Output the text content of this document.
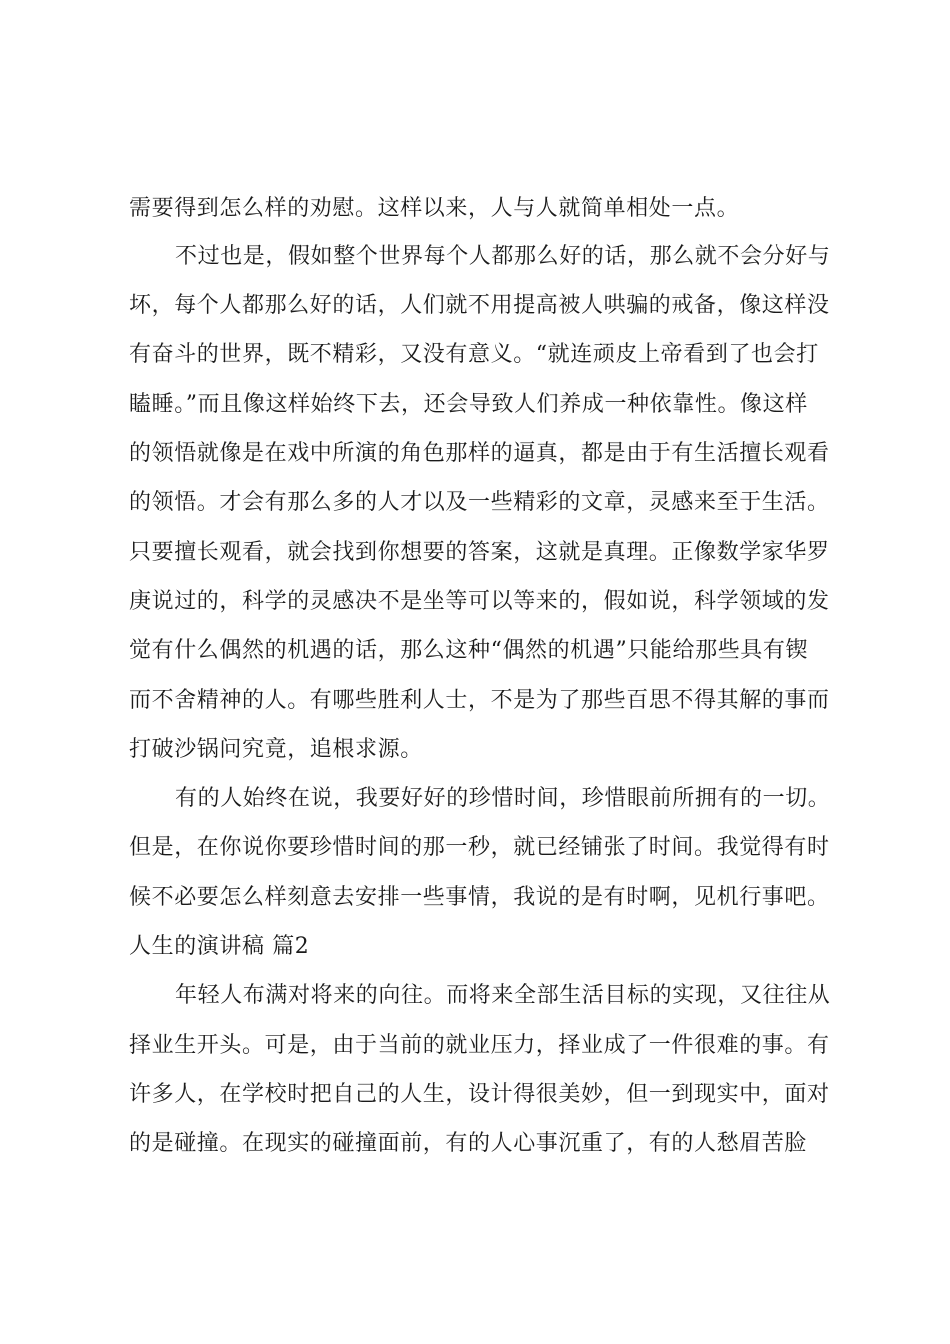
需要得到怎么样的劝慰。这样以来，人与人就简单相处一点。
不过也是，假如整个世界每个人都那么好的话，那么就不会分好与
坏，每个人都那么好的话，人们就不用提高被人哄骗的戒备，像这样没
有奋斗的世界，既不精彩，又没有意义。“就连顽皮上帝看到了也会打
瞌睡。”而且像这样始终下去，还会导致人们养成一种依靠性。像这样
的领悟就像是在戏中所演的角色那样的逼真，都是由于有生活擅长观看
的领悟。才会有那么多的人才以及一些精彩的文章，灵感来至于生活。
只要擅长观看，就会找到你想要的答案，这就是真理。正像数学家华罗
庚说过的，科学的灵感决不是坐等可以等来的，假如说，科学领域的发
觉有什么偶然的机遇的话，那么这种“偶然的机遇”只能给那些具有锲
而不舍精神的人。有哪些胜利人士，不是为了那些百思不得其解的事而
打破沙锅问究竟，追根求源。
有的人始终在说，我要好好的珍惜时间，珍惜眼前所拥有的一切。
但是，在你说你要珍惜时间的那一秒，就已经铺张了时间。我觉得有时
候不必要怎么样刻意去安排一些事情，我说的是有时啊，见机行事吧。
人生的演讲稿 篇2
年轻人布满对将来的向往。而将来全部生活目标的实现，又往往从
择业生开头。可是，由于当前的就业压力，择业成了一件很难的事。有
许多人，在学校时把自己的人生，设计得很美妙，但一到现实中，面对
的是碰撞。在现实的碰撞面前，有的人心事沉重了，有的人愁眉苦脸
